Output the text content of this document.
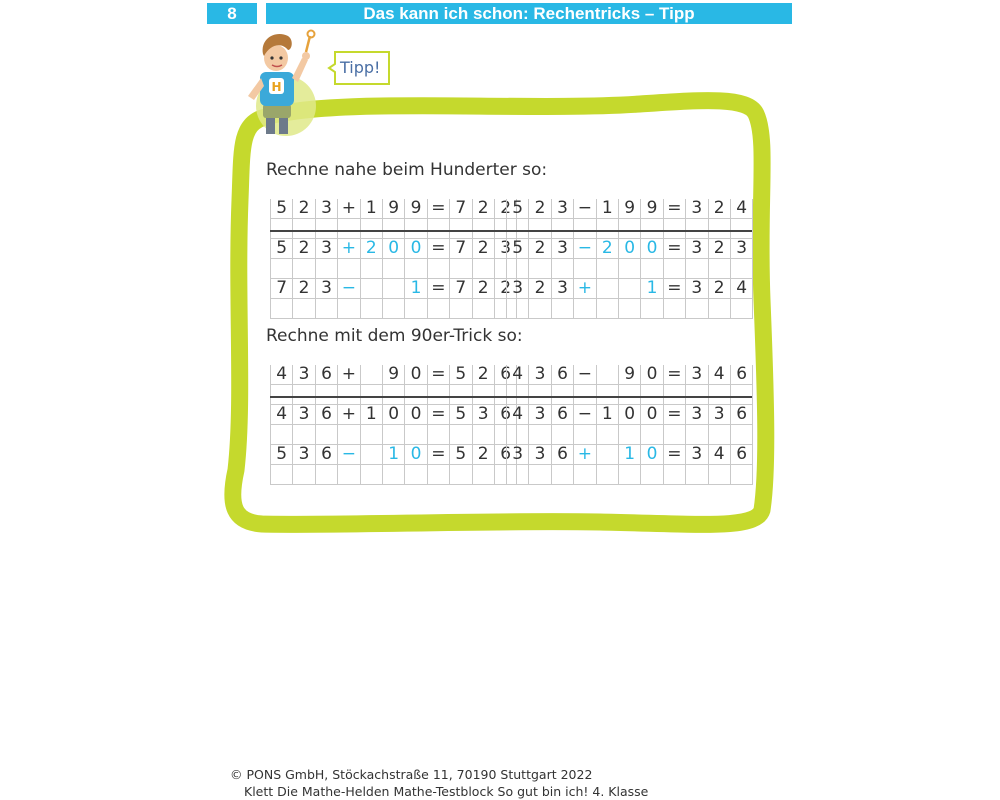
8	Das kann ich schon: Rechentricks – Tipp
H
Tipp!
Rechne nahe beim Hunderter so:
Rechne mit dem 90er-Trick so:
5 2 3 + 1 9 9 = 7 2 2
5 2 3 + 2 0 0 = 7 2 3
7 2 3 −	1 = 7 2 2
5 2 3 − 1 9 9 = 3 2 4
5 2 3 − 2 0 0 = 3 2 3
3 2 3 +	1 = 3 2 4
4 3 6 +	9 0 = 5 2 6
4 3 6 + 1 0 0 = 5 3 6
5 3 6 −	1 0 = 5 2 6
4 3 6 −	9 0 = 3 4 6
4 3 6 − 1 0 0 = 3 3 6
3 3 6 +	1 0 = 3 4 6
© PONS GmbH, Stöckachstraße 11, 70190 Stuttgart 2022
Klett Die Mathe-Helden Mathe-Testblock So gut bin ich! 4. Klasse
